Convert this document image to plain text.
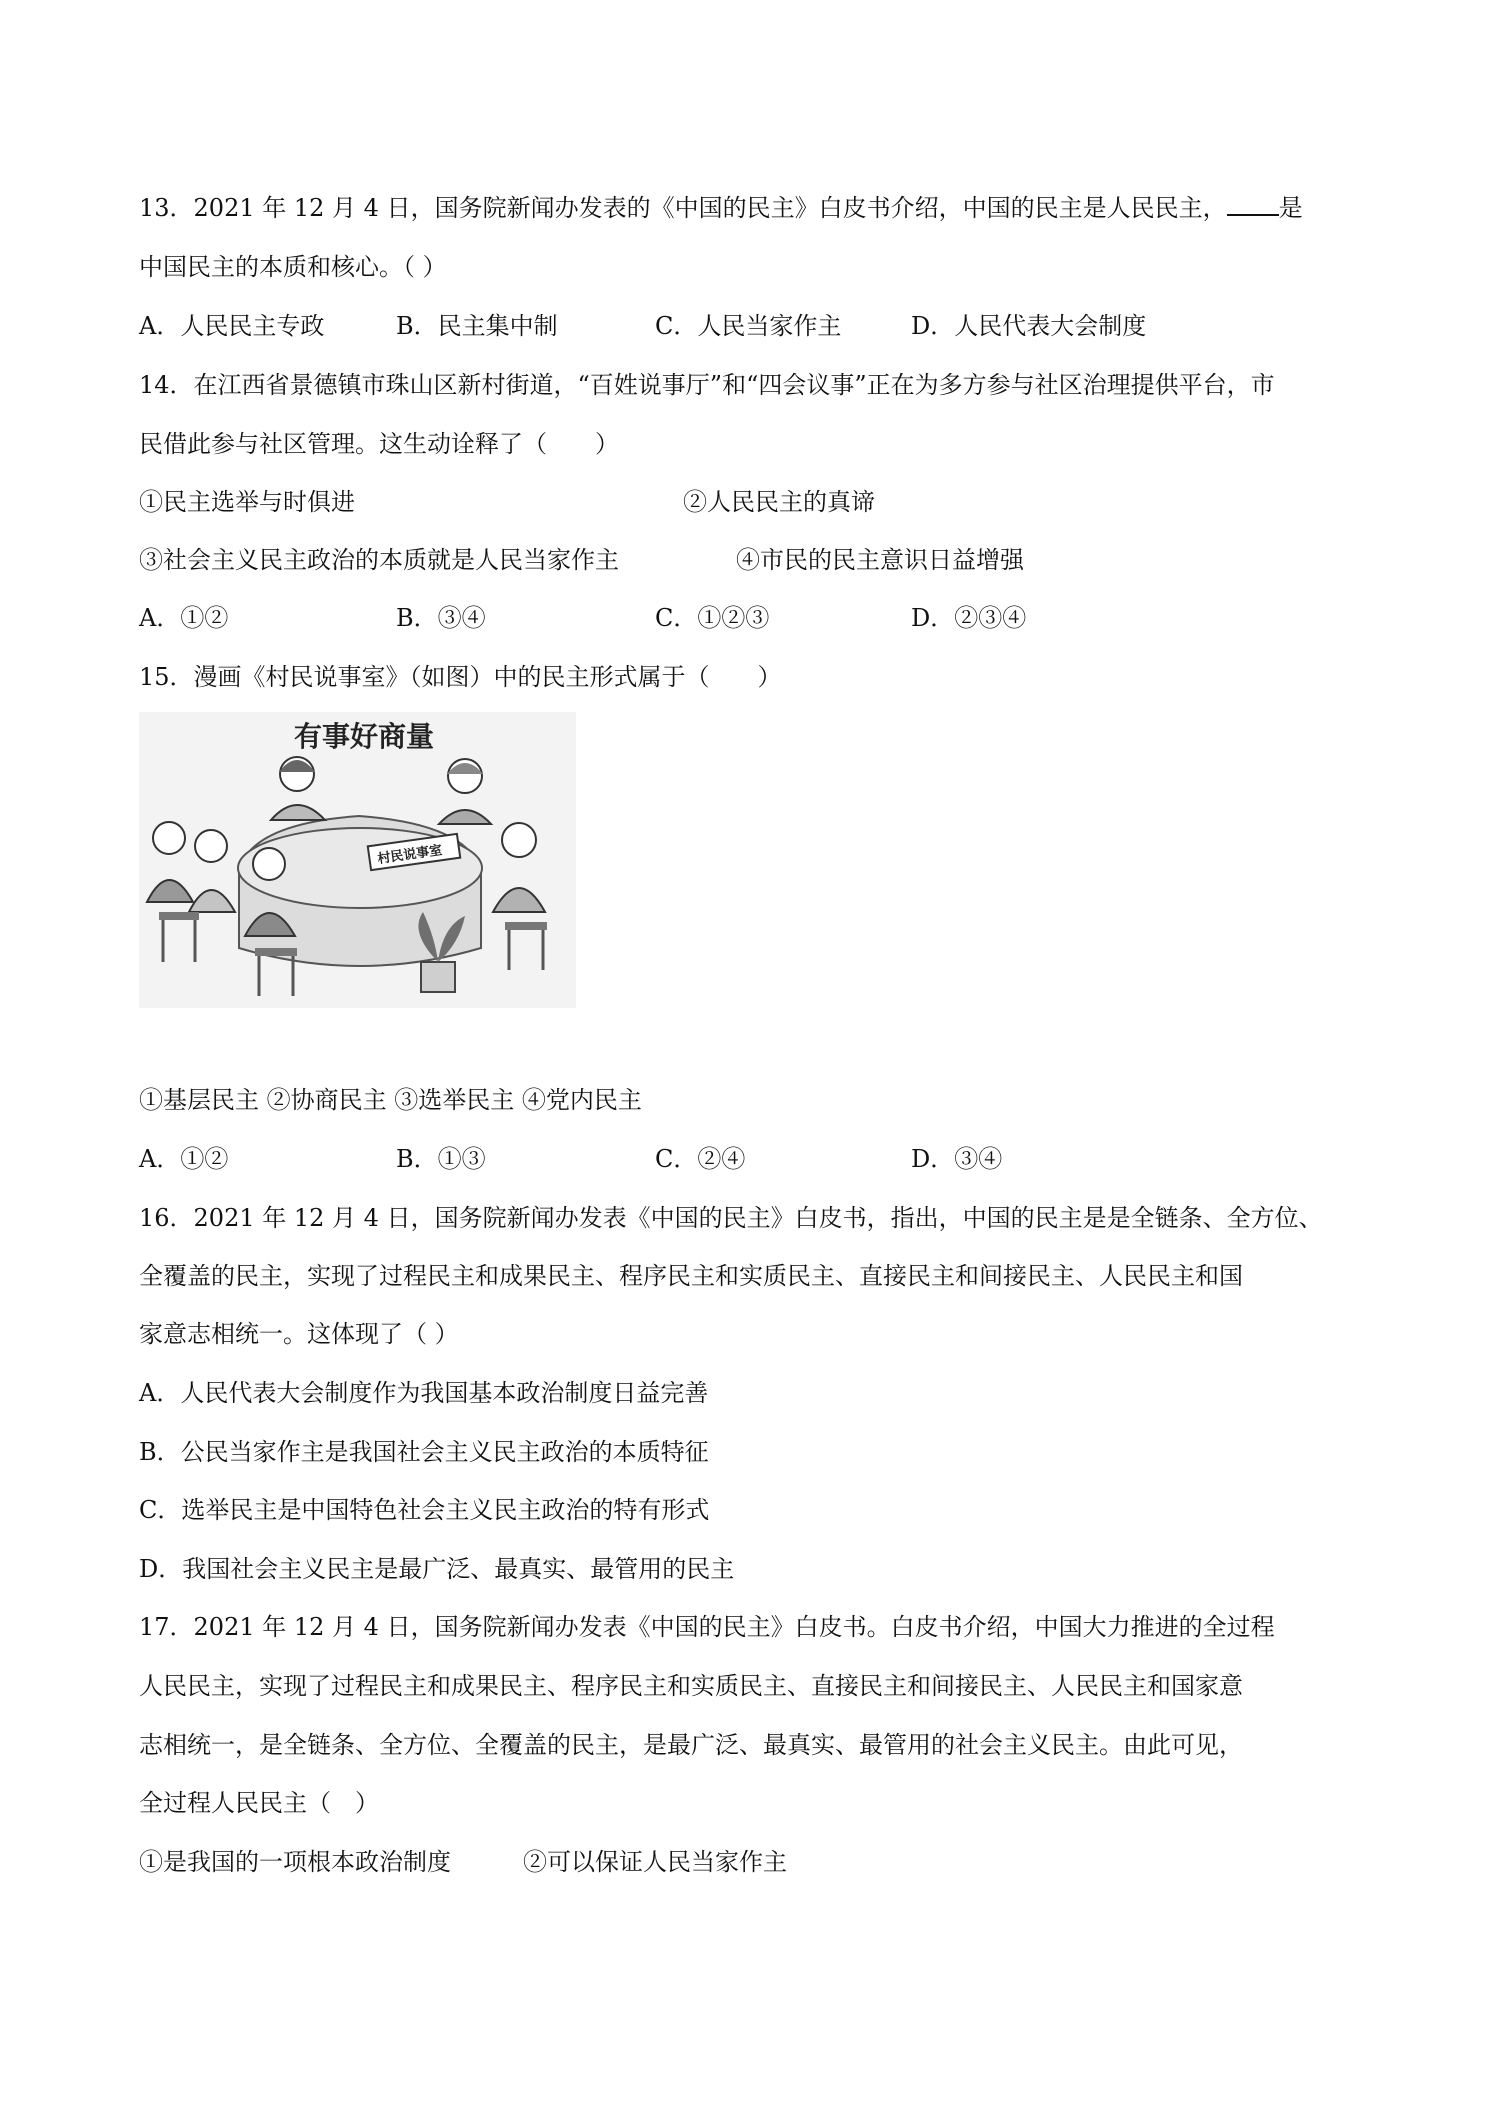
13．2021 年 12 月 4 日，国务院新闻办发表的《中国的民主》白皮书介绍，中国的民主是人民民主， 是
中国民主的本质和核心。（ ）
A．人民民主专政	B．民主集中制	C．人民当家作主	D．人民代表大会制度
14．在江西省景德镇市珠山区新村街道，“百姓说事厅”和“四会议事”正在为多方参与社区治理提供平台，市
民借此参与社区管理。这生动诠释了（　　）
①民主选举与时俱进	②人民民主的真谛
③社会主义民主政治的本质就是人民当家作主	④市民的民主意识日益增强
A．①②	B．③④	C．①②③	D．②③④
15．漫画《村民说事室》（如图）中的民主形式属于（　　）
有事好商量
村民说事室
①基层民主 ②协商民主 ③选举民主 ④党内民主
A．①②	B．①③	C．②④	D．③④
16．2021 年 12 月 4 日，国务院新闻办发表《中国的民主》白皮书，指出，中国的民主是是全链条、全方位、
全覆盖的民主，实现了过程民主和成果民主、程序民主和实质民主、直接民主和间接民主、人民民主和国
家意志相统一。这体现了（ ）
A．人民代表大会制度作为我国基本政治制度日益完善
B．公民当家作主是我国社会主义民主政治的本质特征
C．选举民主是中国特色社会主义民主政治的特有形式
D．我国社会主义民主是最广泛、最真实、最管用的民主
17．2021 年 12 月 4 日，国务院新闻办发表《中国的民主》白皮书。白皮书介绍，中国大力推进的全过程
人民民主，实现了过程民主和成果民主、程序民主和实质民主、直接民主和间接民主、人民民主和国家意
志相统一，是全链条、全方位、全覆盖的民主，是最广泛、最真实、最管用的社会主义民主。由此可见，
全过程人民民主（　）
①是我国的一项根本政治制度	②可以保证人民当家作主
